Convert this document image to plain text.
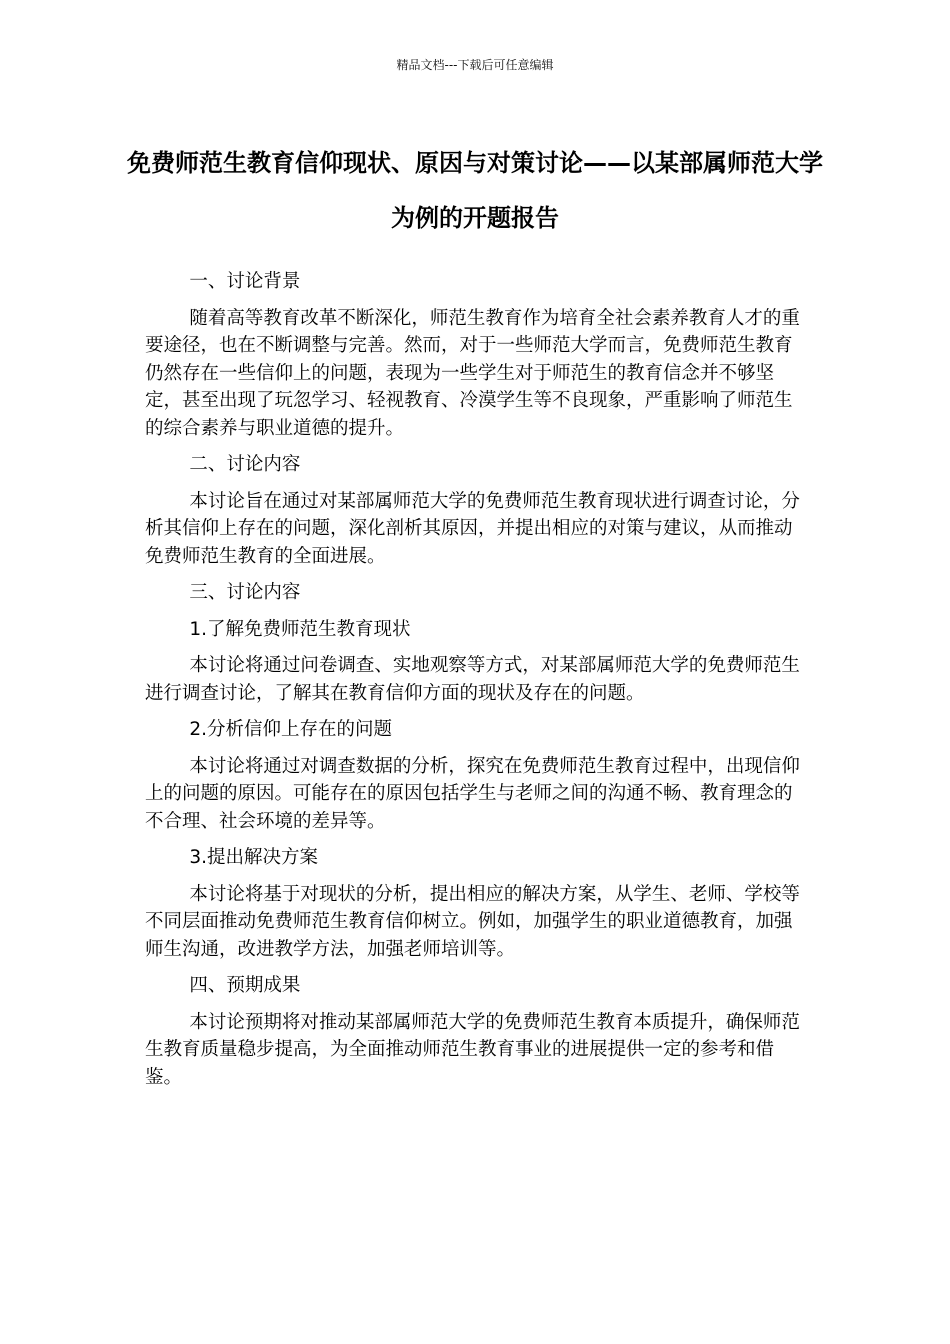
精品文档---下载后可任意编辑
免费师范生教育信仰现状、原因与对策讨论——以某部属师范大学为例的开题报告

一、讨论背景

随着高等教育改革不断深化，师范生教育作为培育全社会素养教育人才的重要途径，也在不断调整与完善。然而，对于一些师范大学而言，免费师范生教育仍然存在一些信仰上的问题，表现为一些学生对于师范生的教育信念并不够坚定，甚至出现了玩忽学习、轻视教育、冷漠学生等不良现象，严重影响了师范生的综合素养与职业道德的提升。

二、讨论内容

本讨论旨在通过对某部属师范大学的免费师范生教育现状进行调查讨论，分析其信仰上存在的问题，深化剖析其原因，并提出相应的对策与建议，从而推动免费师范生教育的全面进展。

三、讨论内容

1.了解免费师范生教育现状

本讨论将通过问卷调查、实地观察等方式，对某部属师范大学的免费师范生进行调查讨论，了解其在教育信仰方面的现状及存在的问题。

2.分析信仰上存在的问题

本讨论将通过对调查数据的分析，探究在免费师范生教育过程中，出现信仰上的问题的原因。可能存在的原因包括学生与老师之间的沟通不畅、教育理念的不合理、社会环境的差异等。

3.提出解决方案

本讨论将基于对现状的分析，提出相应的解决方案，从学生、老师、学校等不同层面推动免费师范生教育信仰树立。例如，加强学生的职业道德教育，加强师生沟通，改进教学方法，加强老师培训等。

四、预期成果

本讨论预期将对推动某部属师范大学的免费师范生教育本质提升，确保师范生教育质量稳步提高，为全面推动师范生教育事业的进展提供一定的参考和借鉴。
